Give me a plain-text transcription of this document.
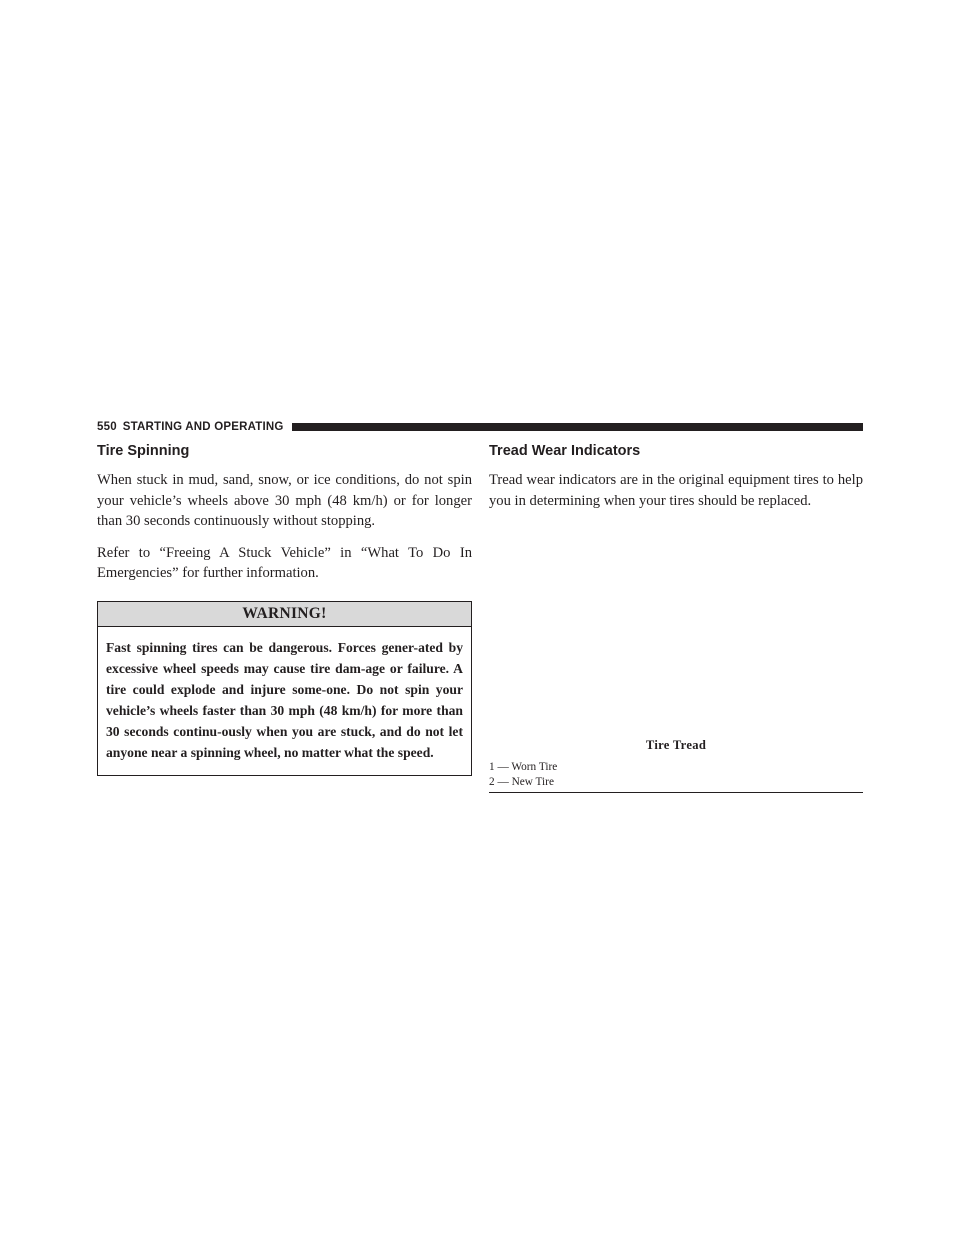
550 STARTING AND OPERATING
Tire Spinning

When stuck in mud, sand, snow, or ice conditions, do not spin your vehicle’s wheels above 30 mph (48 km/h) or for longer than 30 seconds continuously without stopping.

Refer to “Freeing A Stuck Vehicle” in “What To Do In Emergencies” for further information.

WARNING!
Fast spinning tires can be dangerous. Forces gener-ated by excessive wheel speeds may cause tire dam-age or failure. A tire could explode and injure some-one. Do not spin your vehicle’s wheels faster than 30 mph (48 km/h) for more than 30 seconds continu-ously when you are stuck, and do not let anyone near a spinning wheel, no matter what the speed.
Tread Wear Indicators

Tread wear indicators are in the original equipment tires to help you in determining when your tires should be replaced.

Tire Tread
1 — Worn Tire
2 — New Tire
